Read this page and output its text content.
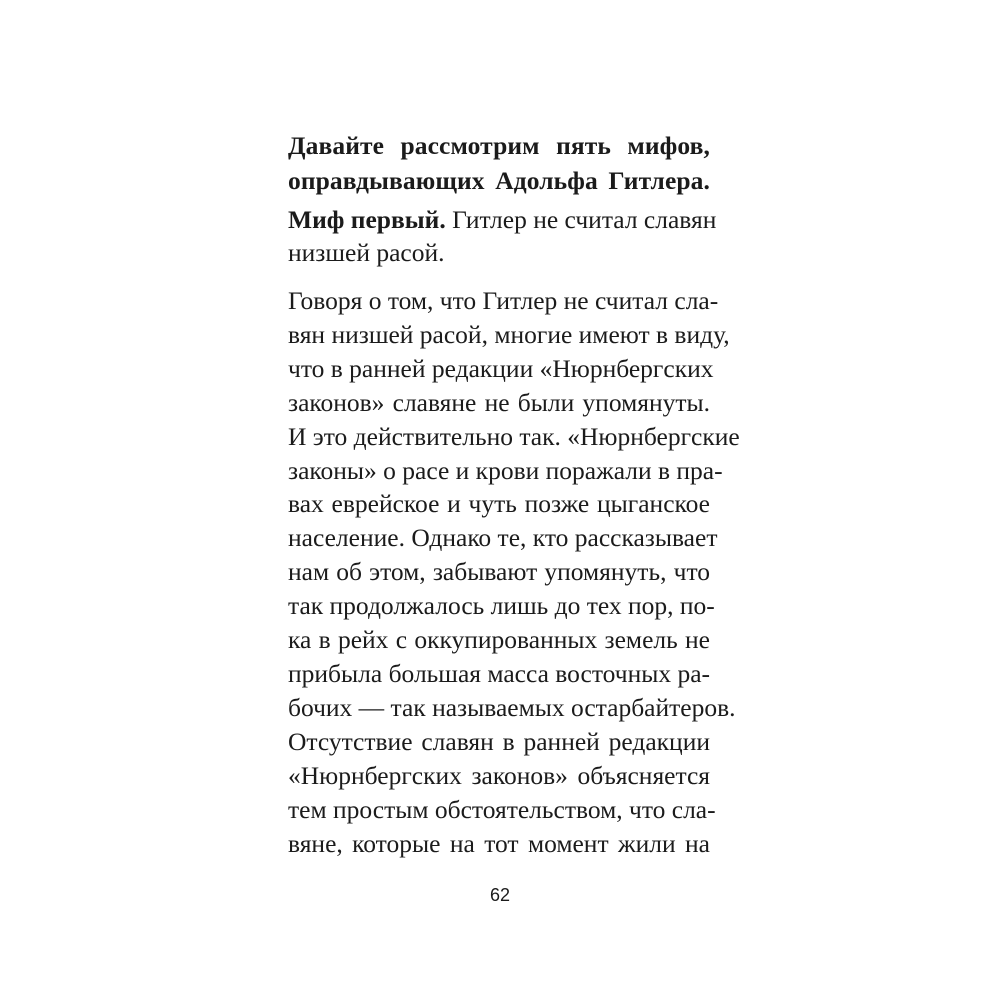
Давайте рассмотрим пять мифов,
оправдывающих Адольфа Гитлера.

Миф первый. Гитлер не считал славян
низшей расой.

Говоря о том, что Гитлер не считал сла-
вян низшей расой, многие имеют в виду,
что в ранней редакции «Нюрнбергских
законов» славяне не были упомянуты.
И это действительно так. «Нюрнбергские
законы» о расе и крови поражали в пра-
вах еврейское и чуть позже цыганское
население. Однако те, кто рассказывает
нам об этом, забывают упомянуть, что
так продолжалось лишь до тех пор, по-
ка в рейх с оккупированных земель не
прибыла большая масса восточных ра-
бочих — так называемых остарбайтеров.
Отсутствие славян в ранней редакции
«Нюрнбергских законов» объясняется
тем простым обстоятельством, что сла-
вяне, которые на тот момент жили на

62
